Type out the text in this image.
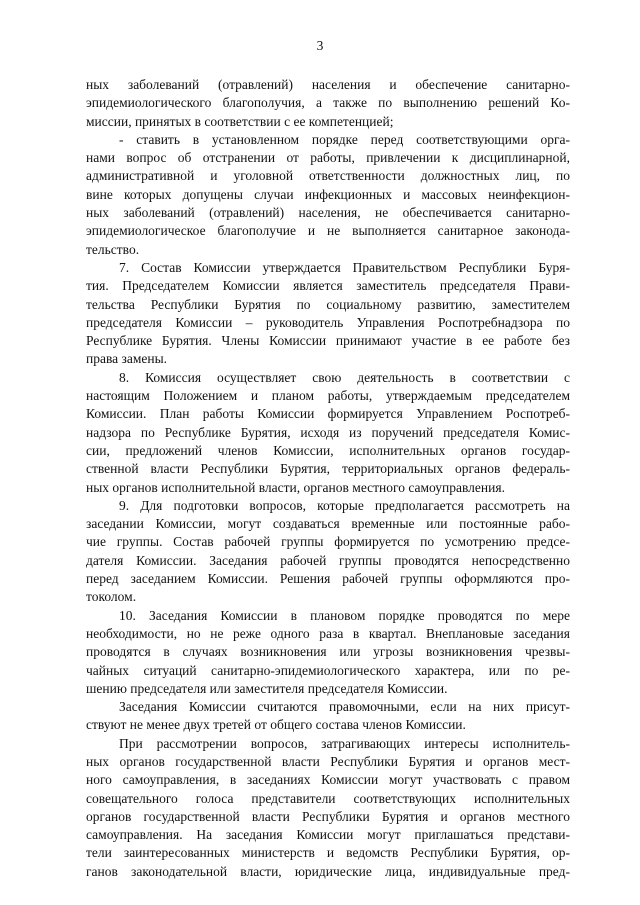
3
ных заболеваний (отравлений) населения и обеспечение санитарно-
эпидемиологического благополучия, а также по выполнению решений Ко-
миссии, принятых в соответствии с ее компетенцией;
- ставить в установленном порядке перед соответствующими орга-
нами вопрос об отстранении от работы, привлечении к дисциплинарной,
административной и уголовной ответственности должностных лиц, по
вине которых допущены случаи инфекционных и массовых неинфекцион-
ных заболеваний (отравлений) населения, не обеспечивается санитарно-
эпидемиологическое благополучие и не выполняется санитарное законода-
тельство.
7. Состав Комиссии утверждается Правительством Республики Буря-
тия. Председателем Комиссии является заместитель председателя Прави-
тельства Республики Бурятия по социальному развитию, заместителем
председателя Комиссии – руководитель Управления Роспотребнадзора по
Республике Бурятия. Члены Комиссии принимают участие в ее работе без
права замены.
8. Комиссия осуществляет свою деятельность в соответствии с
настоящим Положением и планом работы, утверждаемым председателем
Комиссии. План работы Комиссии формируется Управлением Роспотреб-
надзора по Республике Бурятия, исходя из поручений председателя Комис-
сии, предложений членов Комиссии, исполнительных органов государ-
ственной власти Республики Бурятия, территориальных органов федераль-
ных органов исполнительной власти, органов местного самоуправления.
9. Для подготовки вопросов, которые предполагается рассмотреть на
заседании Комиссии, могут создаваться временные или постоянные рабо-
чие группы. Состав рабочей группы формируется по усмотрению предсе-
дателя Комиссии. Заседания рабочей группы проводятся непосредственно
перед заседанием Комиссии. Решения рабочей группы оформляются про-
токолом.
10. Заседания Комиссии в плановом порядке проводятся по мере
необходимости, но не реже одного раза в квартал. Внеплановые заседания
проводятся в случаях возникновения или угрозы возникновения чрезвы-
чайных ситуаций санитарно-эпидемиологического характера, или по ре-
шению председателя или заместителя председателя Комиссии.
Заседания Комиссии считаются правомочными, если на них присут-
ствуют не менее двух третей от общего состава членов Комиссии.
При рассмотрении вопросов, затрагивающих интересы исполнитель-
ных органов государственной власти Республики Бурятия и органов мест-
ного самоуправления, в заседаниях Комиссии могут участвовать с правом
совещательного голоса представители соответствующих исполнительных
органов государственной власти Республики Бурятия и органов местного
самоуправления. На заседания Комиссии могут приглашаться представи-
тели заинтересованных министерств и ведомств Республики Бурятия, ор-
ганов законодательной власти, юридические лица, индивидуальные пред-
